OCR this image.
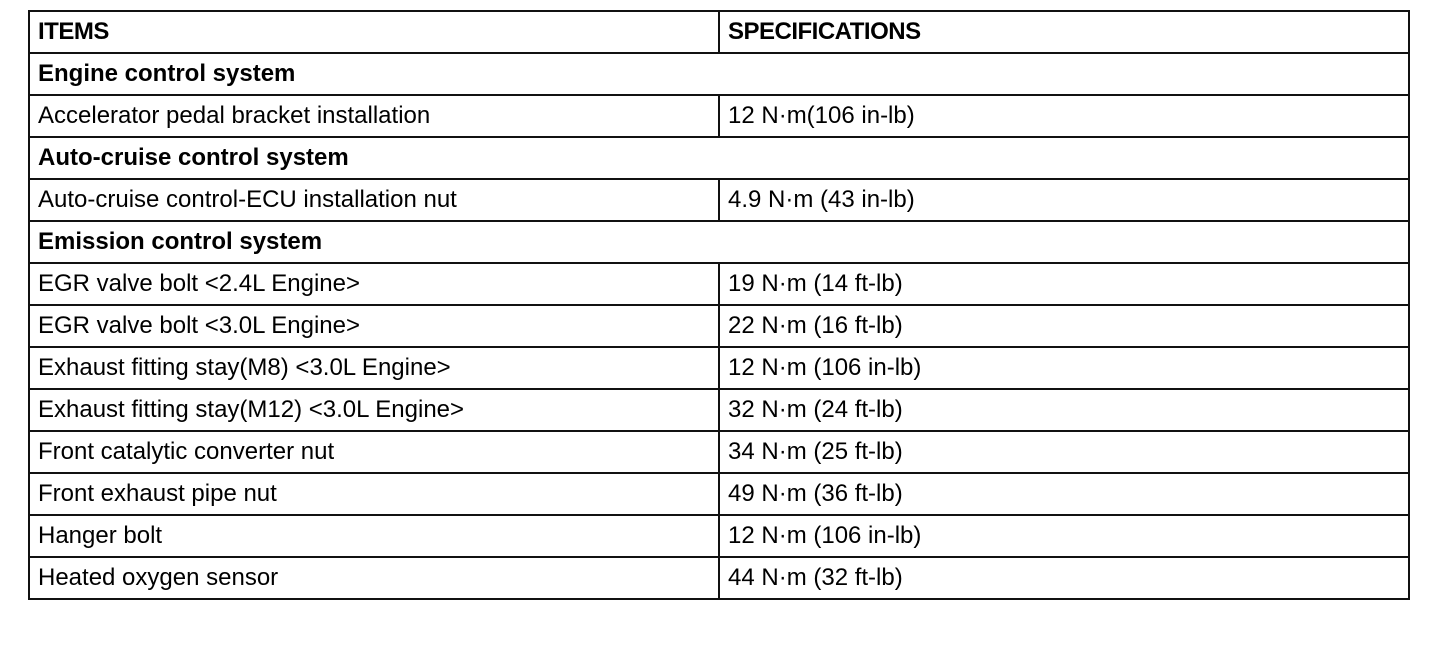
ITEMS	SPECIFICATIONS
Engine control system	
Accelerator pedal bracket installation	12 N·m(106 in-lb)
Auto-cruise control system	
Auto-cruise control-ECU installation nut	4.9 N·m (43 in-lb)
Emission control system	
EGR valve bolt <2.4L Engine>	19 N·m (14 ft-lb)
EGR valve bolt <3.0L Engine>	22 N·m (16 ft-lb)
Exhaust fitting stay(M8) <3.0L Engine>	12 N·m (106 in-lb)
Exhaust fitting stay(M12) <3.0L Engine>	32 N·m (24 ft-lb)
Front catalytic converter nut	34 N·m (25 ft-lb)
Front exhaust pipe nut	49 N·m (36 ft-lb)
Hanger bolt	12 N·m (106 in-lb)
Heated oxygen sensor	44 N·m (32 ft-lb)
